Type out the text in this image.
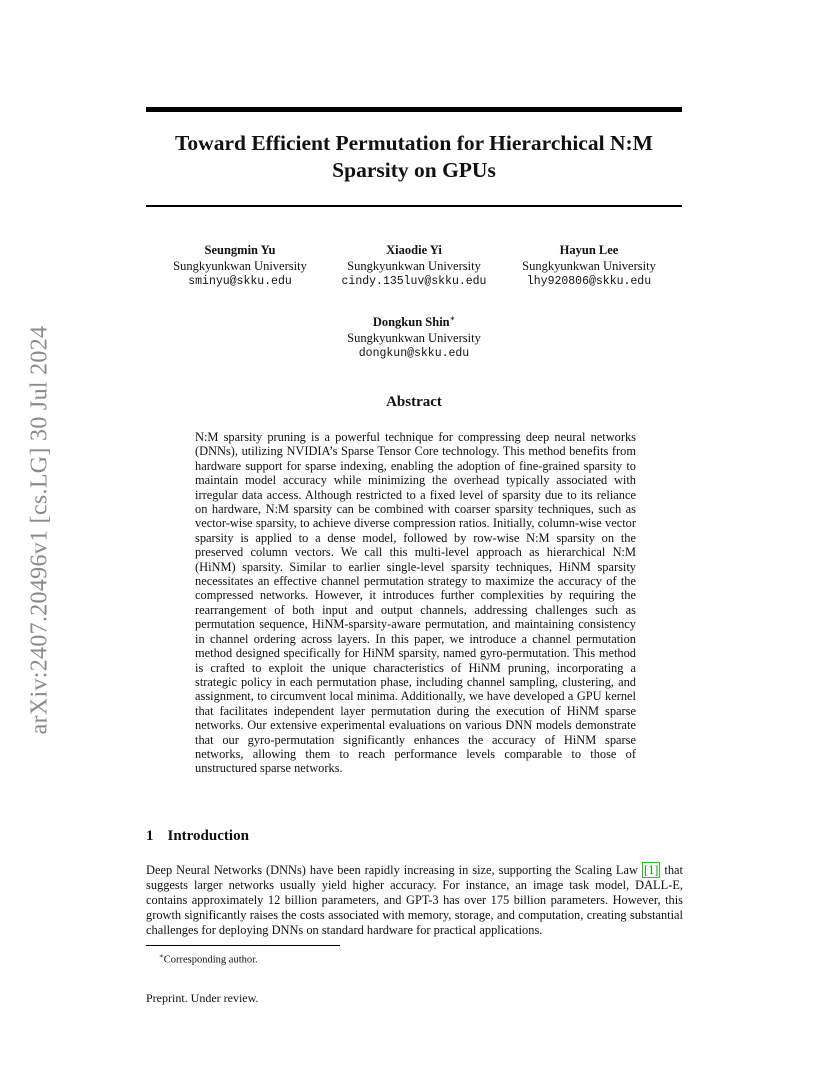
arXiv:2407.20496v1 [cs.LG] 30 Jul 2024
Toward Efficient Permutation for Hierarchical N:M Sparsity on GPUs
Seungmin Yu
Sungkyunkwan University
sminyu@skku.edu
Xiaodie Yi
Sungkyunkwan University
cindy.135luv@skku.edu
Hayun Lee
Sungkyunkwan University
lhy920806@skku.edu
Dongkun Shin∗
Sungkyunkwan University
dongkun@skku.edu
Abstract

N:M sparsity pruning is a powerful technique for compressing deep neural networks (DNNs), utilizing NVIDIA’s Sparse Tensor Core technology. This method benefits from hardware support for sparse indexing, enabling the adoption of fine-grained sparsity to maintain model accuracy while minimizing the overhead typically associated with irregular data access. Although restricted to a fixed level of sparsity due to its reliance on hardware, N:M sparsity can be combined with coarser sparsity techniques, such as vector-wise sparsity, to achieve diverse compression ratios. Initially, column-wise vector sparsity is applied to a dense model, followed by row-wise N:M sparsity on the preserved column vectors. We call this multi-level approach as hierarchical N:M (HiNM) sparsity. Similar to earlier single-level sparsity techniques, HiNM sparsity necessitates an effective channel permutation strategy to maximize the accuracy of the compressed networks. However, it introduces further complexities by requiring the rearrangement of both input and output channels, addressing challenges such as permutation sequence, HiNM-sparsity-aware permutation, and maintaining consistency in channel ordering across layers. In this paper, we introduce a channel permutation method designed specifically for HiNM sparsity, named gyro-permutation. This method is crafted to exploit the unique characteristics of HiNM pruning, incorporating a strategic policy in each permutation phase, including channel sampling, clustering, and assignment, to circumvent local minima. Additionally, we have developed a GPU kernel that facilitates independent layer permutation during the execution of HiNM sparse networks. Our extensive experimental evaluations on various DNN models demonstrate that our gyro-permutation significantly enhances the accuracy of HiNM sparse networks, allowing them to reach performance levels comparable to those of unstructured sparse networks.

1 Introduction

Deep Neural Networks (DNNs) have been rapidly increasing in size, supporting the Scaling Law [1] that suggests larger networks usually yield higher accuracy. For instance, an image task model, DALL-E, contains approximately 12 billion parameters, and GPT-3 has over 175 billion parameters. However, this growth significantly raises the costs associated with memory, storage, and computation, creating substantial challenges for deploying DNNs on standard hardware for practical applications.

∗Corresponding author.

Preprint. Under review.
